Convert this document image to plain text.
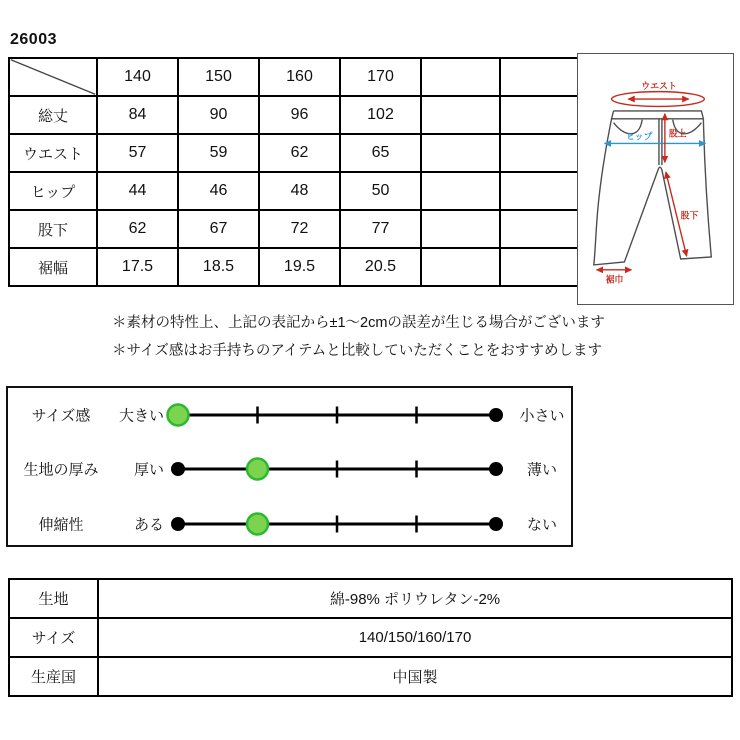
26003
	140	150	160	170		
総丈	84	90	96	102		
ウエスト	57	59	62	65		
ヒップ	44	46	48	50		
股下	62	67	72	77		
裾幅	17.5	18.5	19.5	20.5		
ウエスト
ヒップ 股上
股下
裾巾
＊素材の特性上、上記の表記から±1～2cmの誤差が生じる場合がございます
＊サイズ感はお手持ちのアイテムと比較していただくことをおすすめします
サイズ感	大きい	小さい
生地の厚み	厚い	薄い
伸縮性	ある	ない
生地	綿-98% ポリウレタン-2%
サイズ	140/150/160/170
生産国	中国製
